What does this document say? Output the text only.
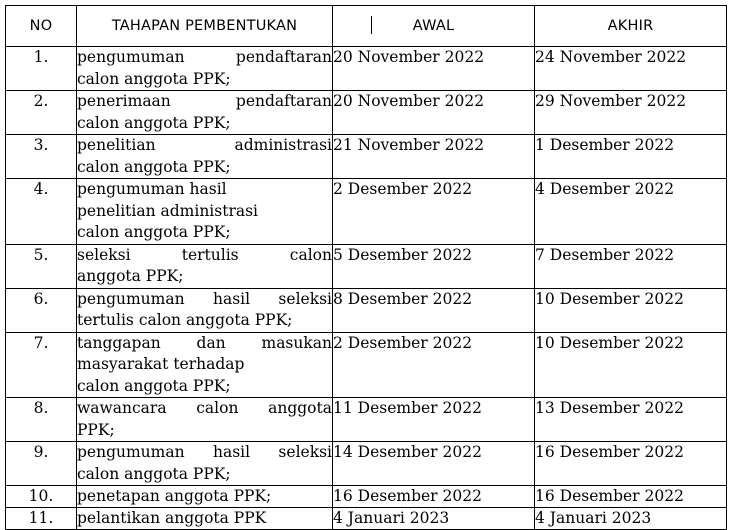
NO	TAHAPAN PEMBENTUKAN	AWAL	AKHIR
1.	pengumuman pendaftaran
calon anggota PPK;	20 November 2022	24 November 2022
2.	penerimaan pendaftaran
calon anggota PPK;	20 November 2022	29 November 2022
3.	penelitian administrasi
calon anggota PPK;	21 November 2022	1 Desember 2022
4.	pengumuman hasil
penelitian administrasi
calon anggota PPK;	2 Desember 2022	4 Desember 2022
5.	seleksi tertulis calon
anggota PPK;	5 Desember 2022	7 Desember 2022
6.	pengumuman hasil seleksi
tertulis calon anggota PPK;	8 Desember 2022	10 Desember 2022
7.	tanggapan dan masukan
masyarakat terhadap
calon anggota PPK;	2 Desember 2022	10 Desember 2022
8.	wawancara calon anggota
PPK;	11 Desember 2022	13 Desember 2022
9.	pengumuman hasil seleksi
calon anggota PPK;	14 Desember 2022	16 Desember 2022
10.	penetapan anggota PPK;	16 Desember 2022	16 Desember 2022
11.	pelantikan anggota PPK	4 Januari 2023	4 Januari 2023
